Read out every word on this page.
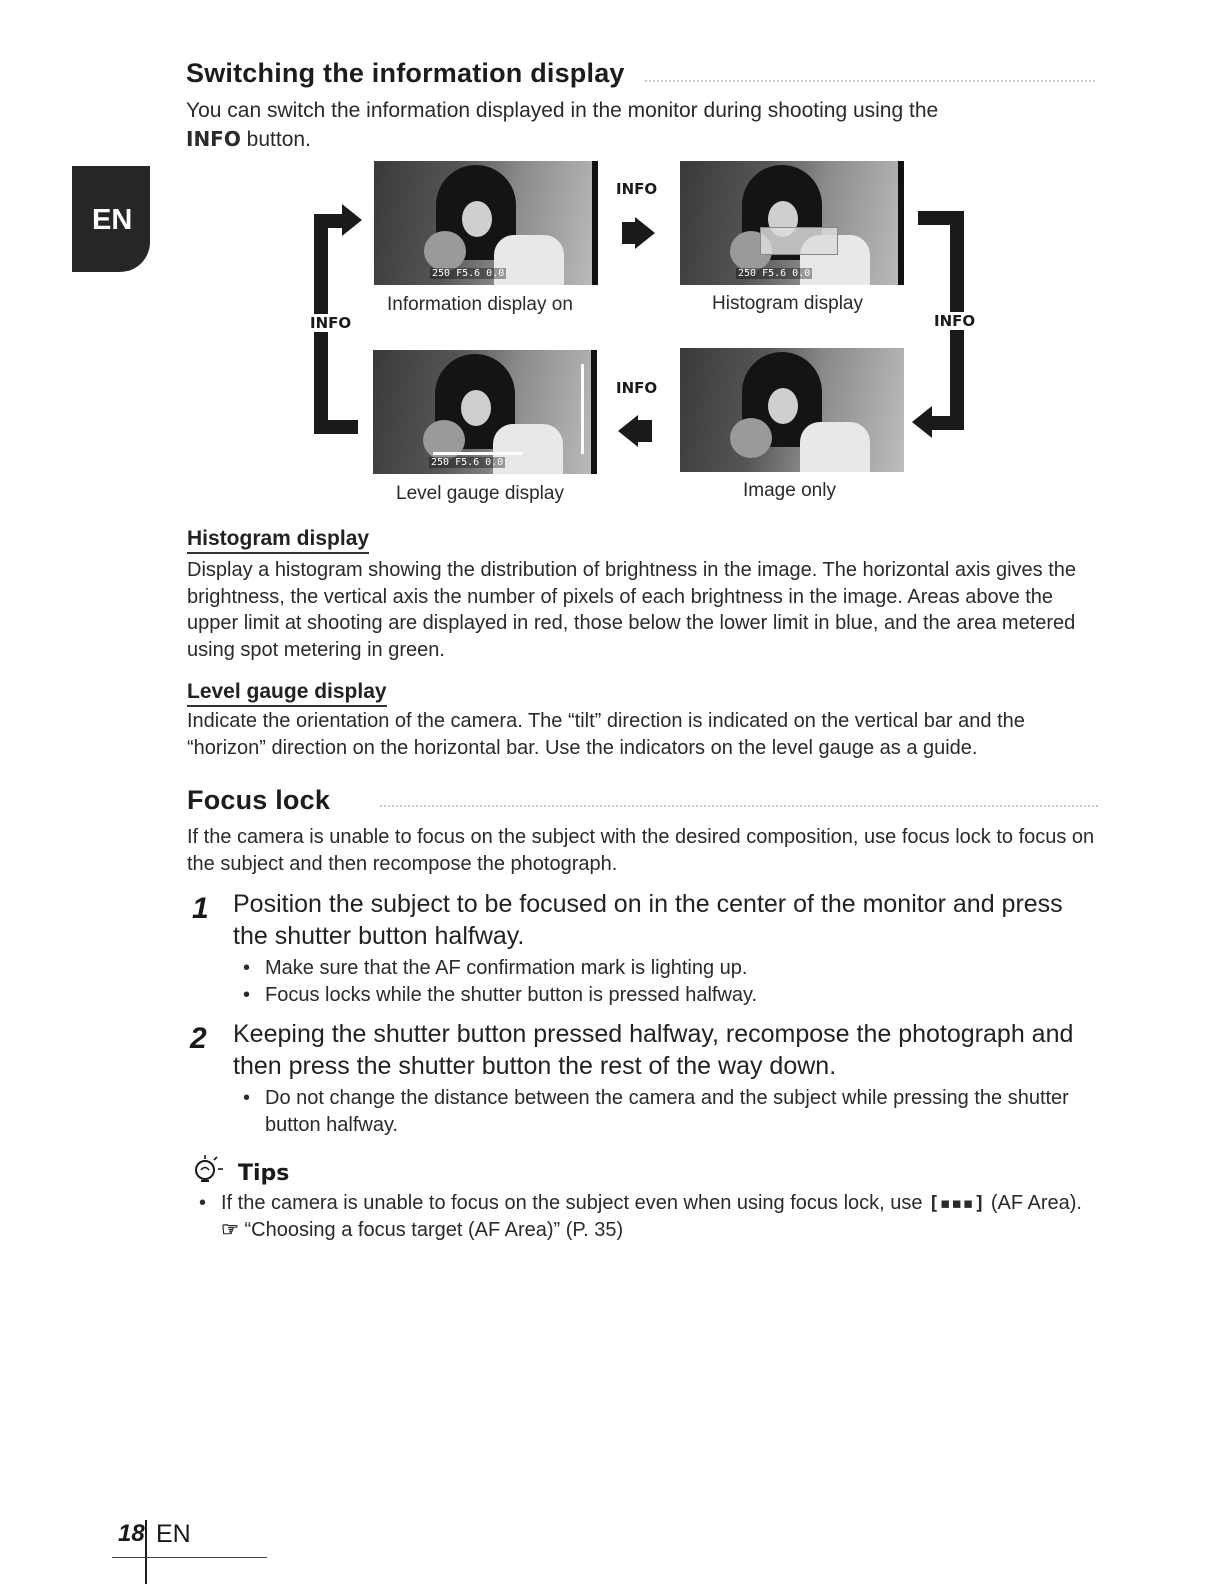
EN
Switching the information display
You can switch the information displayed in the monitor during shooting using the
INFO button.
250 F5.6 0.0
Information display on
250 F5.6 0.0
Histogram display
250 F5.6 0.0
Level gauge display	Image only
INFO
INFO
INFO
INFO
Histogram display
Display a histogram showing the distribution of brightness in the image. The horizontal axis gives the brightness, the vertical axis the number of pixels of each brightness in the image. Areas above the upper limit at shooting are displayed in red, those below the lower limit in blue, and the area metered using spot metering in green.
Level gauge display
Indicate the orientation of the camera. The “tilt” direction is indicated on the vertical bar and the “horizon” direction on the horizontal bar. Use the indicators on the level gauge as a guide.
Focus lock
If the camera is unable to focus on the subject with the desired composition, use focus lock to focus on the subject and then recompose the photograph.
1 Position the subject to be focused on in the center of the monitor and press the shutter button halfway.
• Make sure that the AF confirmation mark is lighting up.
• Focus locks while the shutter button is pressed halfway.
2 Keeping the shutter button pressed halfway, recompose the photograph and then press the shutter button the rest of the way down.
• Do not change the distance between the camera and the subject while pressing the shutter button halfway.
Tips
• If the camera is unable to focus on the subject even when using focus lock, use [▪▪▪] (AF Area). ☞ “Choosing a focus target (AF Area)” (P. 35)
18 EN
